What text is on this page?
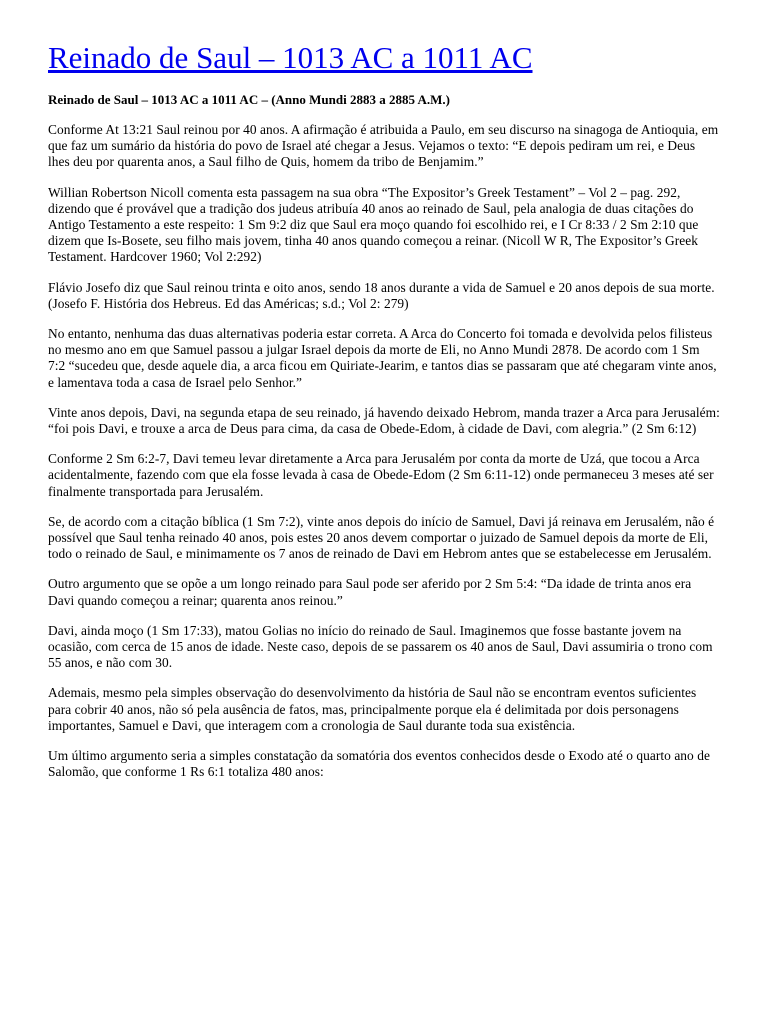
Reinado de Saul – 1013 AC a 1011 AC
Reinado de Saul – 1013 AC a 1011 AC – (Anno Mundi 2883 a 2885 A.M.)

Conforme At 13:21 Saul reinou por 40 anos. A afirmação é atribuida a Paulo, em seu discurso na sinagoga de Antioquia, em que faz um sumário da história do povo de Israel até chegar a Jesus. Vejamos o texto: “E depois pediram um rei, e Deus lhes deu por quarenta anos, a Saul filho de Quis, homem da tribo de Benjamim.”

Willian Robertson Nicoll comenta esta passagem na sua obra “The Expositor’s Greek Testament” – Vol 2 – pag. 292, dizendo que é provável que a tradição dos judeus atribuía 40 anos ao reinado de Saul, pela analogia de duas citações do Antigo Testamento a este respeito: 1 Sm 9:2 diz que Saul era moço quando foi escolhido rei, e I Cr 8:33 / 2 Sm 2:10 que dizem que Is-Bosete, seu filho mais jovem, tinha 40 anos quando começou a reinar. (Nicoll W R, The Expositor’s Greek Testament. Hardcover 1960; Vol 2:292)

Flávio Josefo diz que Saul reinou trinta e oito anos, sendo 18 anos durante a vida de Samuel e 20 anos depois de sua morte. (Josefo F. História dos Hebreus. Ed das Américas; s.d.; Vol 2: 279)

No entanto, nenhuma das duas alternativas poderia estar correta. A Arca do Concerto foi tomada e devolvida pelos filisteus no mesmo ano em que Samuel passou a julgar Israel depois da morte de Eli, no Anno Mundi 2878. De acordo com 1 Sm 7:2 “sucedeu que, desde aquele dia, a arca ficou em Quiriate-Jearim, e tantos dias se passaram que até chegaram vinte anos, e lamentava toda a casa de Israel pelo Senhor.”

Vinte anos depois, Davi, na segunda etapa de seu reinado, já havendo deixado Hebrom, manda trazer a Arca para Jerusalém: “foi pois Davi, e trouxe a arca de Deus para cima, da casa de Obede-Edom, à cidade de Davi, com alegria.” (2 Sm 6:12)

Conforme 2 Sm 6:2-7, Davi temeu levar diretamente a Arca para Jerusalém por conta da morte de Uzá, que tocou a Arca acidentalmente, fazendo com que ela fosse levada à casa de Obede-Edom (2 Sm 6:11-12) onde permaneceu 3 meses até ser finalmente transportada para Jerusalém.

Se, de acordo com a citação bíblica (1 Sm 7:2), vinte anos depois do início de Samuel, Davi já reinava em Jerusalém, não é possível que Saul tenha reinado 40 anos, pois estes 20 anos devem comportar o juizado de Samuel depois da morte de Eli, todo o reinado de Saul, e minimamente os 7 anos de reinado de Davi em Hebrom antes que se estabelecesse em Jerusalém.

Outro argumento que se opõe a um longo reinado para Saul pode ser aferido por 2 Sm 5:4: “Da idade de trinta anos era Davi quando começou a reinar; quarenta anos reinou.”

Davi, ainda moço (1 Sm 17:33), matou Golias no início do reinado de Saul. Imaginemos que fosse bastante jovem na ocasião, com cerca de 15 anos de idade. Neste caso, depois de se passarem os 40 anos de Saul, Davi assumiria o trono com 55 anos, e não com 30.

Ademais, mesmo pela simples observação do desenvolvimento da história de Saul não se encontram eventos suficientes para cobrir 40 anos, não só pela ausência de fatos, mas, principalmente porque ela é delimitada por dois personagens importantes, Samuel e Davi, que interagem com a cronologia de Saul durante toda sua existência.

Um último argumento seria a simples constatação da somatória dos eventos conhecidos desde o Exodo até o quarto ano de Salomão, que conforme 1 Rs 6:1 totaliza 480 anos:
